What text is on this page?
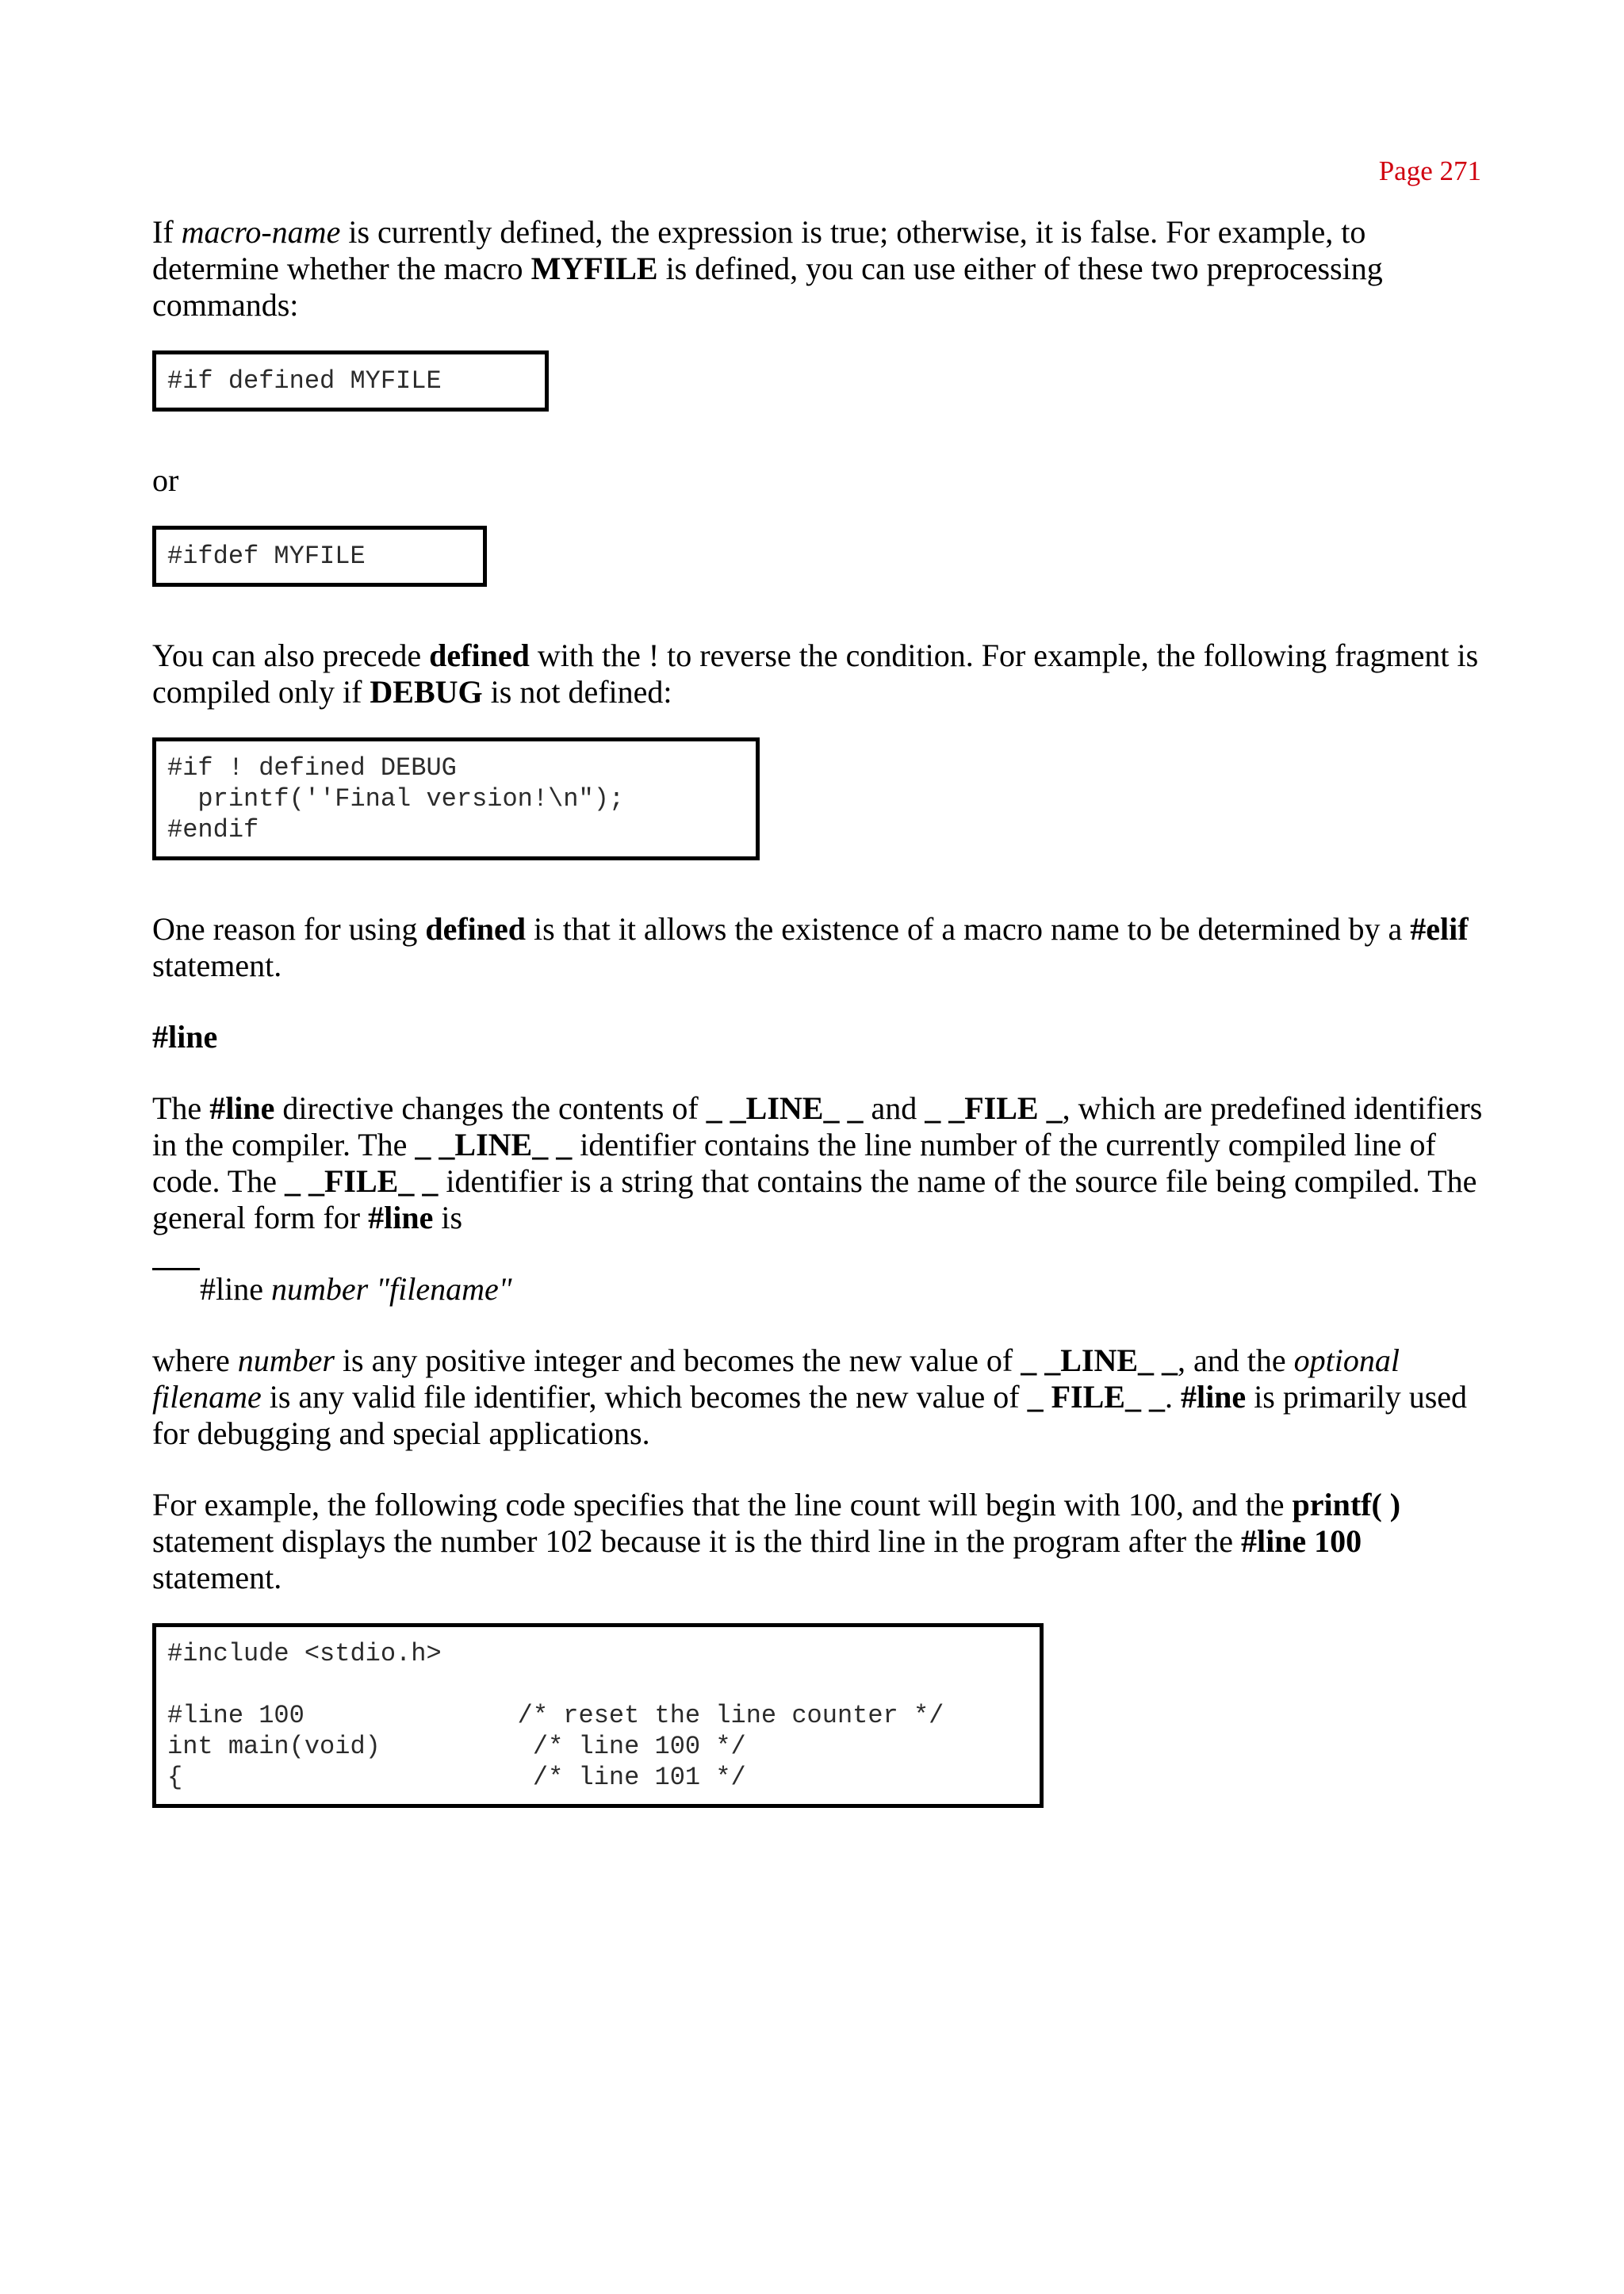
Page 271

If macro-name is currently defined, the expression is true; otherwise, it is false. For example, to determine whether the macro MYFILE is defined, you can use either of these two preprocessing commands:

#if defined MYFILE

or

#ifdef MYFILE

You can also precede defined with the ! to reverse the condition. For example, the following fragment is compiled only if DEBUG is not defined:

#if ! defined DEBUG
printf(''Final version!\n");
#endif

One reason for using defined is that it allows the existence of a macro name to be determined by a #elif statement.

#line

The #line directive changes the contents of _ _LINE_ _ and _ _FILE _, which are predefined identifiers in the compiler. The _ _LINE_ _ identifier contains the line number of the currently compiled line of code. The _ _FILE_ _ identifier is a string that contains the name of the source file being compiled. The general form for #line is

#line number "filename"

where number is any positive integer and becomes the new value of _ _LINE_ _, and the optional filename is any valid file identifier, which becomes the new value of _ FILE_ _. #line is primarily used for debugging and special applications.

For example, the following code specifies that the line count will begin with 100, and the printf( ) statement displays the number 102 because it is the third line in the program after the #line 100 statement.

#include <stdio.h>

#line 100              /* reset the line counter */
int main(void)          /* line 100 */
{                       /* line 101 */
